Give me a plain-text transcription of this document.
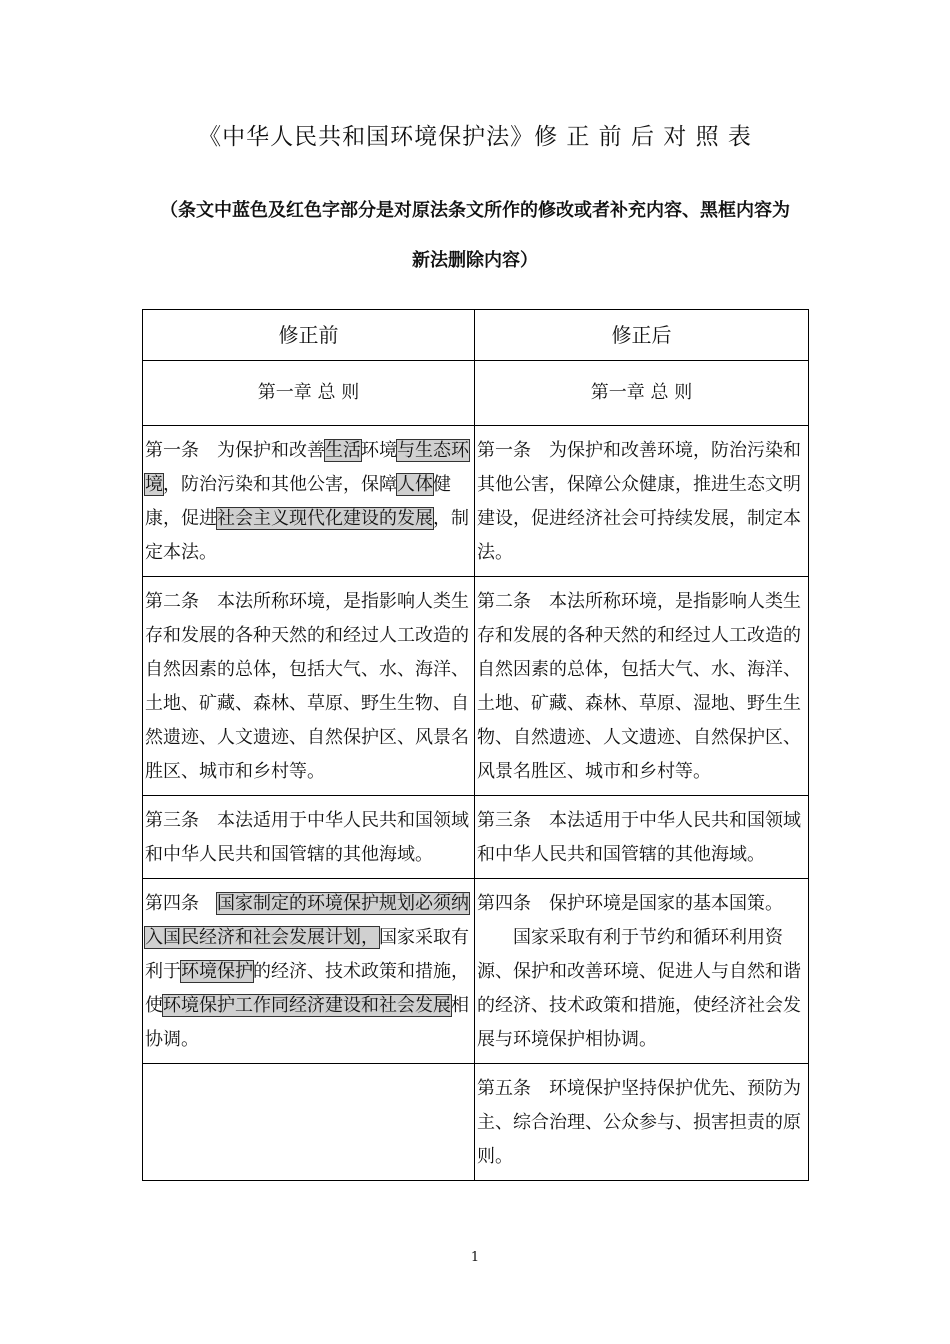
《中华人民共和国环境保护法》修 正 前 后 对 照 表
（条文中蓝色及红色字部分是对原法条文所作的修改或者补充内容、黑框内容为
新法删除内容）
修正前	修正后
第一章 总 则	第一章 总 则
第一条　为保护和改善生活环境与生态环境，防治污染和其他公害，保障人体健康，促进社会主义现代化建设的发展，制定本法。	第一条　为保护和改善环境，防治污染和其他公害，保障公众健康，推进生态文明建设，促进经济社会可持续发展，制定本法。
第二条　本法所称环境，是指影响人类生存和发展的各种天然的和经过人工改造的自然因素的总体，包括大气、水、海洋、土地、矿藏、森林、草原、野生生物、自然遗迹、人文遗迹、自然保护区、风景名胜区、城市和乡村等。	第二条　本法所称环境，是指影响人类生存和发展的各种天然的和经过人工改造的自然因素的总体，包括大气、水、海洋、土地、矿藏、森林、草原、湿地、野生生物、自然遗迹、人文遗迹、自然保护区、风景名胜区、城市和乡村等。
第三条　本法适用于中华人民共和国领域和中华人民共和国管辖的其他海域。	第三条　本法适用于中华人民共和国领域和中华人民共和国管辖的其他海域。
第四条　国家制定的环境保护规划必须纳入国民经济和社会发展计划，国家采取有利于环境保护的经济、技术政策和措施，使环境保护工作同经济建设和社会发展相协调。	第四条　保护环境是国家的基本国策。
国家采取有利于节约和循环利用资源、保护和改善环境、促进人与自然和谐的经济、技术政策和措施，使经济社会发展与环境保护相协调。

	第五条　环境保护坚持保护优先、预防为主、综合治理、公众参与、损害担责的原则。
1
